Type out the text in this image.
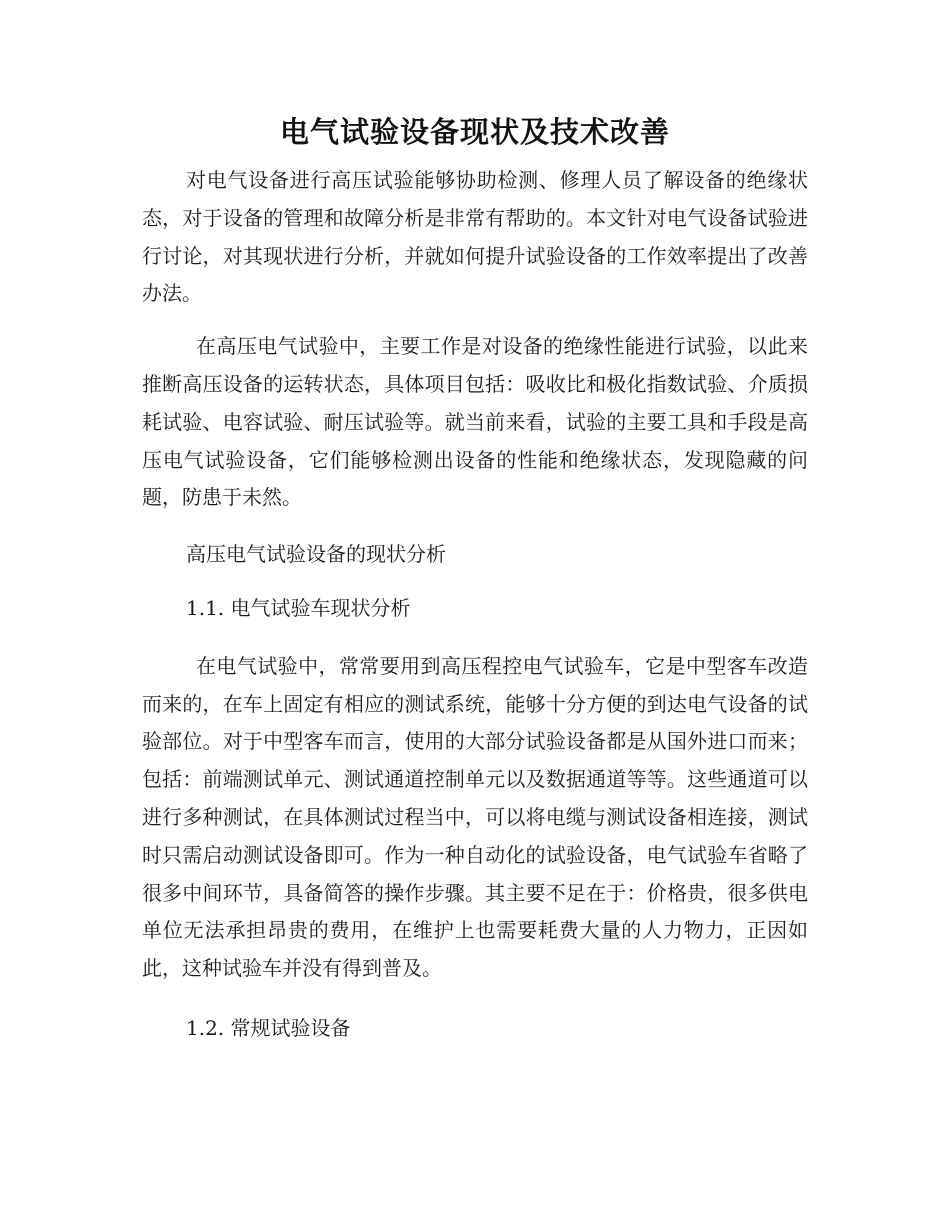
电气试验设备现状及技术改善

对电气设备进行高压试验能够协助检测、修理人员了解设备的绝缘状态，对于设备的管理和故障分析是非常有帮助的。本文针对电气设备试验进行讨论，对其现状进行分析，并就如何提升试验设备的工作效率提出了改善办法。

在高压电气试验中，主要工作是对设备的绝缘性能进行试验，以此来推断高压设备的运转状态，具体项目包括：吸收比和极化指数试验、介质损耗试验、电容试验、耐压试验等。就当前来看，试验的主要工具和手段是高压电气试验设备，它们能够检测出设备的性能和绝缘状态，发现隐藏的问题，防患于未然。

高压电气试验设备的现状分析

1.1. 电气试验车现状分析

在电气试验中，常常要用到高压程控电气试验车，它是中型客车改造而来的，在车上固定有相应的测试系统，能够十分方便的到达电气设备的试验部位。对于中型客车而言，使用的大部分试验设备都是从国外进口而来；包括：前端测试单元、测试通道控制单元以及数据通道等等。这些通道可以进行多种测试，在具体测试过程当中，可以将电缆与测试设备相连接，测试时只需启动测试设备即可。作为一种自动化的试验设备，电气试验车省略了很多中间环节，具备简答的操作步骤。其主要不足在于：价格贵，很多供电单位无法承担昂贵的费用，在维护上也需要耗费大量的人力物力，正因如此，这种试验车并没有得到普及。

1.2. 常规试验设备
